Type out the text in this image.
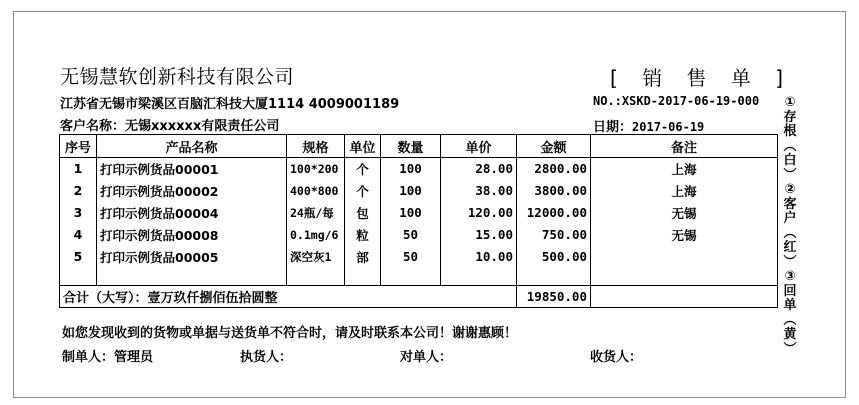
无锡慧软创新科技有限公司
江苏省无锡市梁溪区百脑汇科技大厦1114 4009001189
客户名称：无锡xxxxxx有限责任公司
[ 销 售 单 ]
NO.:XSKD-2017-06-19-000
日期：2017-06-19
①
存
根
︵
白
︶
②
客
户
︵
红
︶
③
回
单
︵
黄
︶
序号	产品名称	规格	单位	数量	单价	金额	备注
1	打印示例货品00001	100*200	个	100	28.00	2800.00	上海
2	打印示例货品00002	400*800	个	100	38.00	3800.00	上海
3	打印示例货品00004	24瓶/每	包	100	120.00	12000.00	无锡
4	打印示例货品00008	0.1mg/6	粒	50	15.00	750.00	无锡
5	打印示例货品00005	深空灰1	部	50	10.00	500.00	

合计（大写）：壹万玖仟捌佰伍拾圆整						19850.00	
如您发现收到的货物或单据与送货单不符合时，请及时联系本公司！谢谢惠顾！
制单人：管理员	执货人：	对单人：	收货人：
